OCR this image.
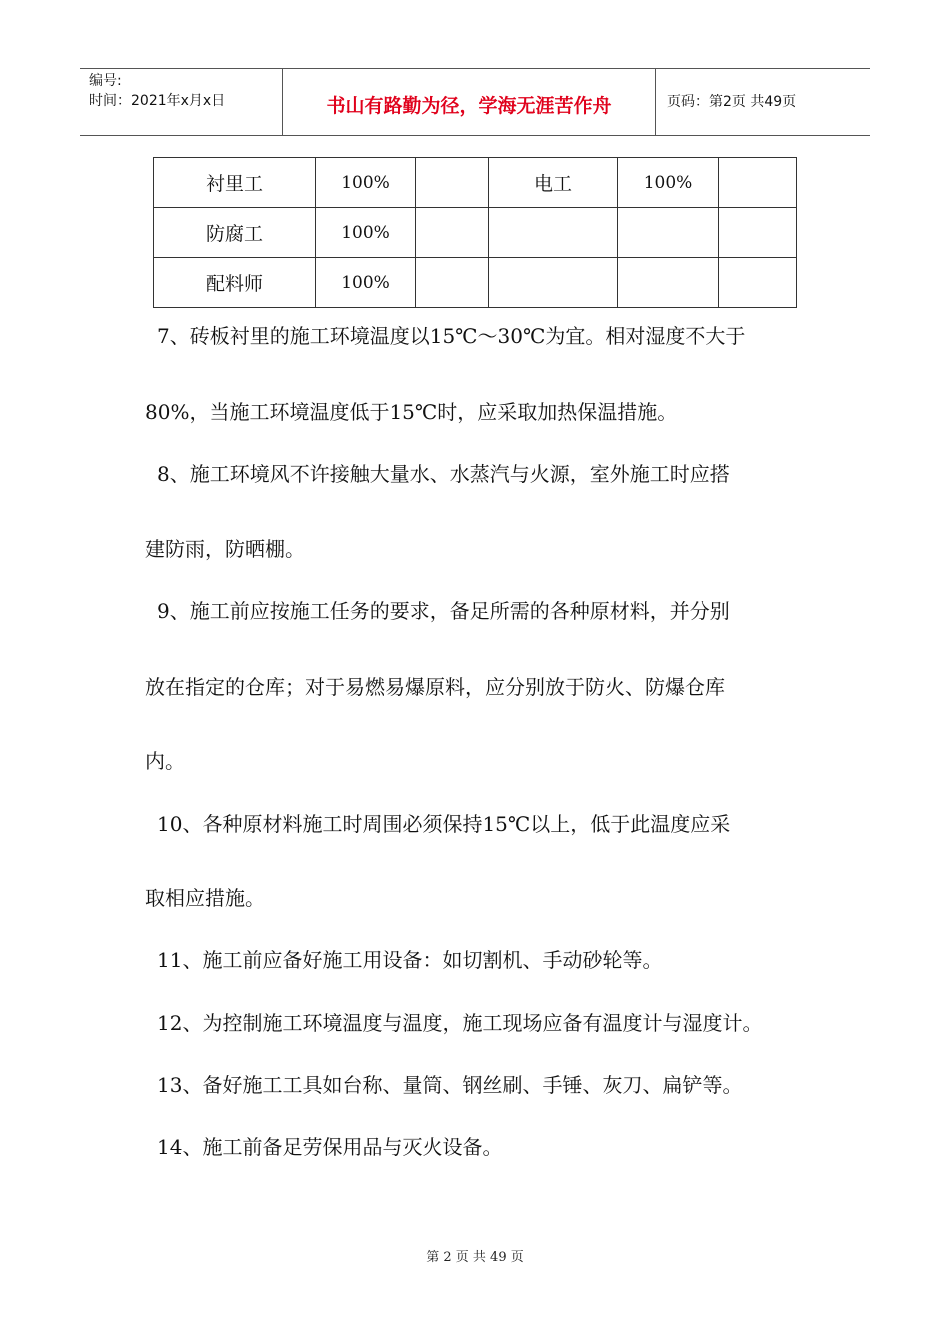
编号:
时间：2021年x月x日	书山有路勤为径，学海无涯苦作舟	页码：第2页 共49页
衬里工	100%		电工	100%	
防腐工	100%				
配料师	100%				
7、砖板衬里的施工环境温度以15℃～30℃为宜。相对湿度不大于
80%，当施工环境温度低于15℃时，应采取加热保温措施。
8、施工环境风不许接触大量水、水蒸汽与火源，室外施工时应搭
建防雨，防晒棚。
9、施工前应按施工任务的要求，备足所需的各种原材料，并分别
放在指定的仓库；对于易燃易爆原料，应分别放于防火、防爆仓库
内。
10、各种原材料施工时周围必须保持15℃以上，低于此温度应采
取相应措施。
11、施工前应备好施工用设备：如切割机、手动砂轮等。
12、为控制施工环境温度与温度，施工现场应备有温度计与湿度计。
13、备好施工工具如台称、量筒、钢丝刷、手锤、灰刀、扁铲等。
14、施工前备足劳保用品与灭火设备。
第 2 页 共 49 页
